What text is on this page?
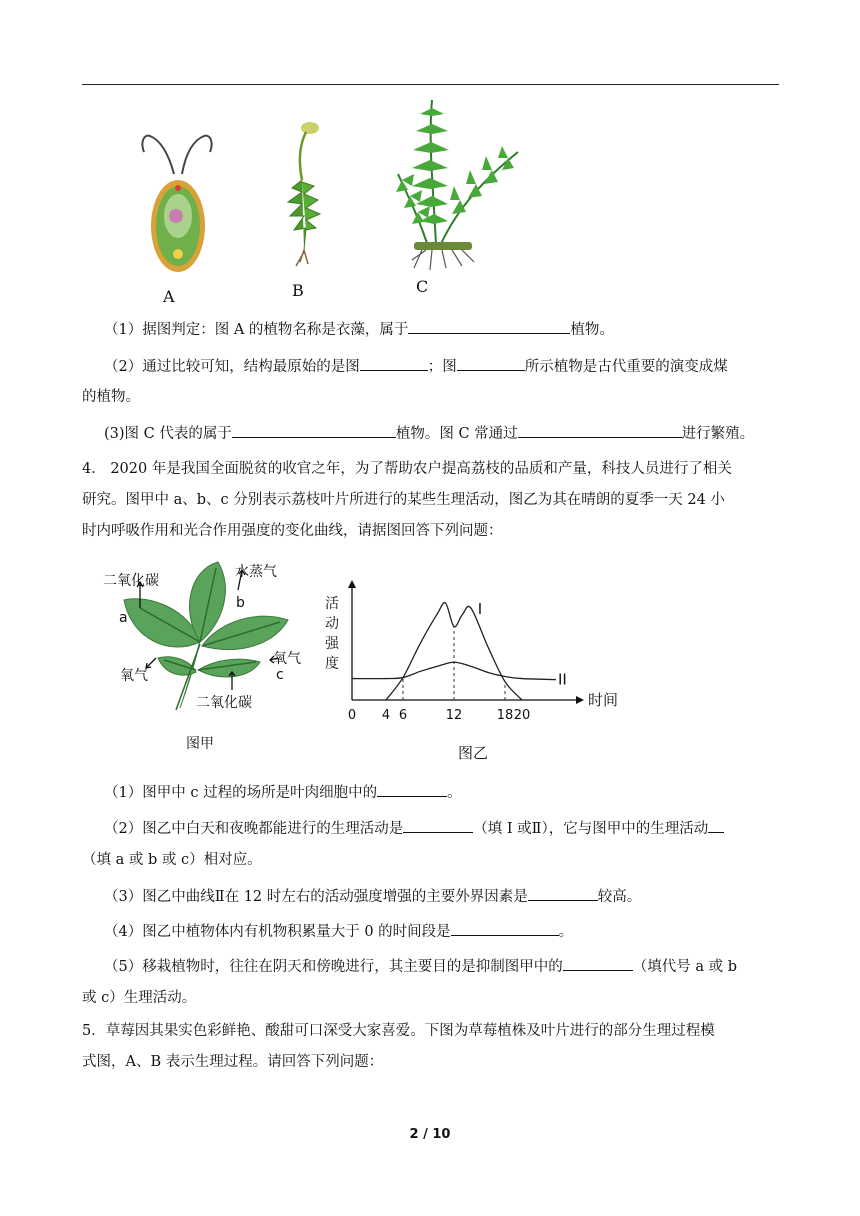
A	B	C
（1）据图判定：图 A 的植物名称是衣藻，属于	植物。
（2）通过比较可知，结构最原始的是图	；图	所示植物是古代重要的演变成煤
的植物。
(3)图 C 代表的属于	植物。图 C 常通过	进行繁殖。
4． 2020 年是我国全面脱贫的收官之年，为了帮助农户提高荔枝的品质和产量，科技人员进行了相关
研究。图甲中 a、b、c 分别表示荔枝叶片所进行的某些生理活动，图乙为其在晴朗的夏季一天 24 小
时内呼吸作用和光合作用强度的变化曲线，请据图回答下列问题：
二氧化碳
水蒸气
a
b
氧气
氧气
c
二氧化碳
图甲
活
动
强
度
时间
0 4 6	12	18 20
I
II
图乙
（1）图甲中 c 过程的场所是叶肉细胞中的	。
（2）图乙中白天和夜晚都能进行的生理活动是	（填 I 或Ⅱ），它与图甲中的生理活动
（填 a 或 b 或 c）相对应。
（3）图乙中曲线Ⅱ在 12 时左右的活动强度增强的主要外界因素是	较高。
（4）图乙中植物体内有机物积累量大于 0 的时间段是	。
（5）移栽植物时，往往在阴天和傍晚进行，其主要目的是抑制图甲中的	（填代号 a 或 b
或 c）生理活动。
5．草莓因其果实色彩鲜艳、酸甜可口深受大家喜爱。下图为草莓植株及叶片进行的部分生理过程模
式图，A、B 表示生理过程。请回答下列问题：
2 / 10
